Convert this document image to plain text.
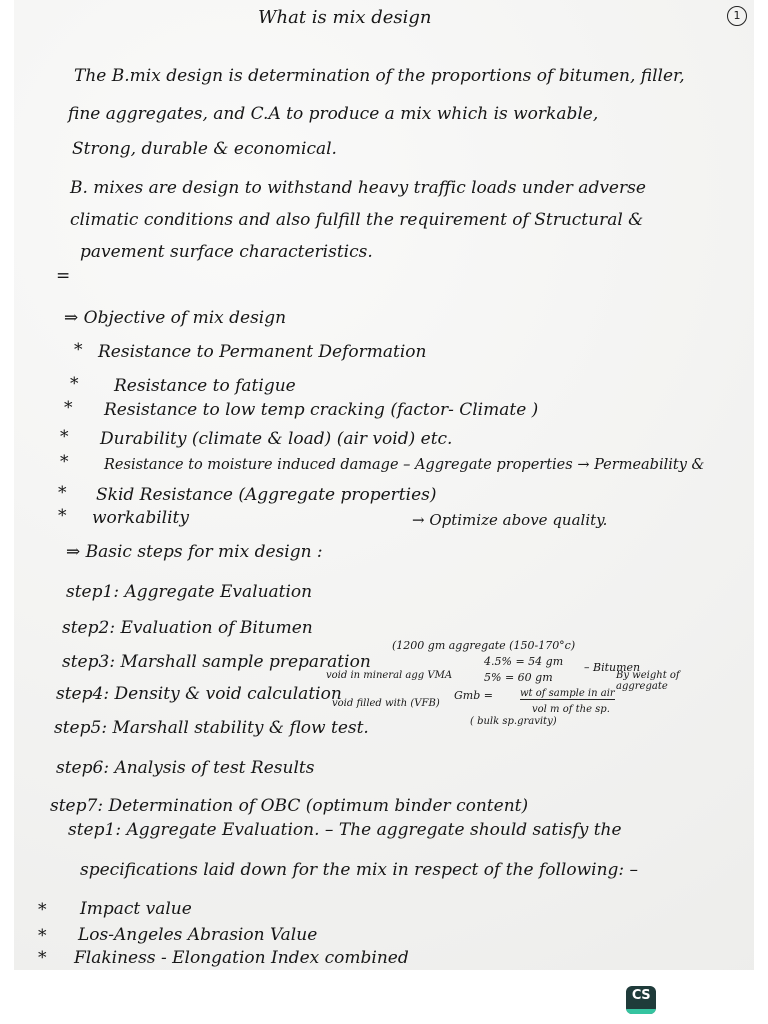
1
What is mix design
The B.mix design is determination of the proportions of bitumen, filler,
fine aggregates, and C.A to produce a mix which is workable,
Strong, durable & economical.
B. mixes are design to withstand heavy traffic loads under adverse
climatic conditions and also fulfill the requirement of Structural &
pavement surface characteristics.
=
⇒ Objective of mix design
* Resistance to Permanent Deformation
* Resistance to fatigue
* Resistance to low temp cracking (factor- Climate )
* Durability (climate & load) (air void) etc.
* Resistance to moisture induced damage – Aggregate properties → Permeability &
* Skid Resistance (Aggregate properties)
* workability	→ Optimize above quality.
⇒ Basic steps for mix design :
step1: Aggregate Evaluation
step2: Evaluation of Bitumen
step3: Marshall sample preparation
step4: Density & void calculation
step5: Marshall stability & flow test.
step6: Analysis of test Results
step7: Determination of OBC (optimum binder content)
(1200 gm aggregate (150-170°c)
4.5% = 54 gm
5% = 60 gm
– Bitumen
void in mineral agg VMA
void filled with (VFB)
Gmb =	wt of sample in air
vol m of the sp.
By weight of aggregate
( bulk sp.gravity)
step1: Aggregate Evaluation. – The aggregate should satisfy the
specifications laid down for the mix in respect of the following: –
* Impact value
* Los-Angeles Abrasion Value
* Flakiness - Elongation Index combined
CS
